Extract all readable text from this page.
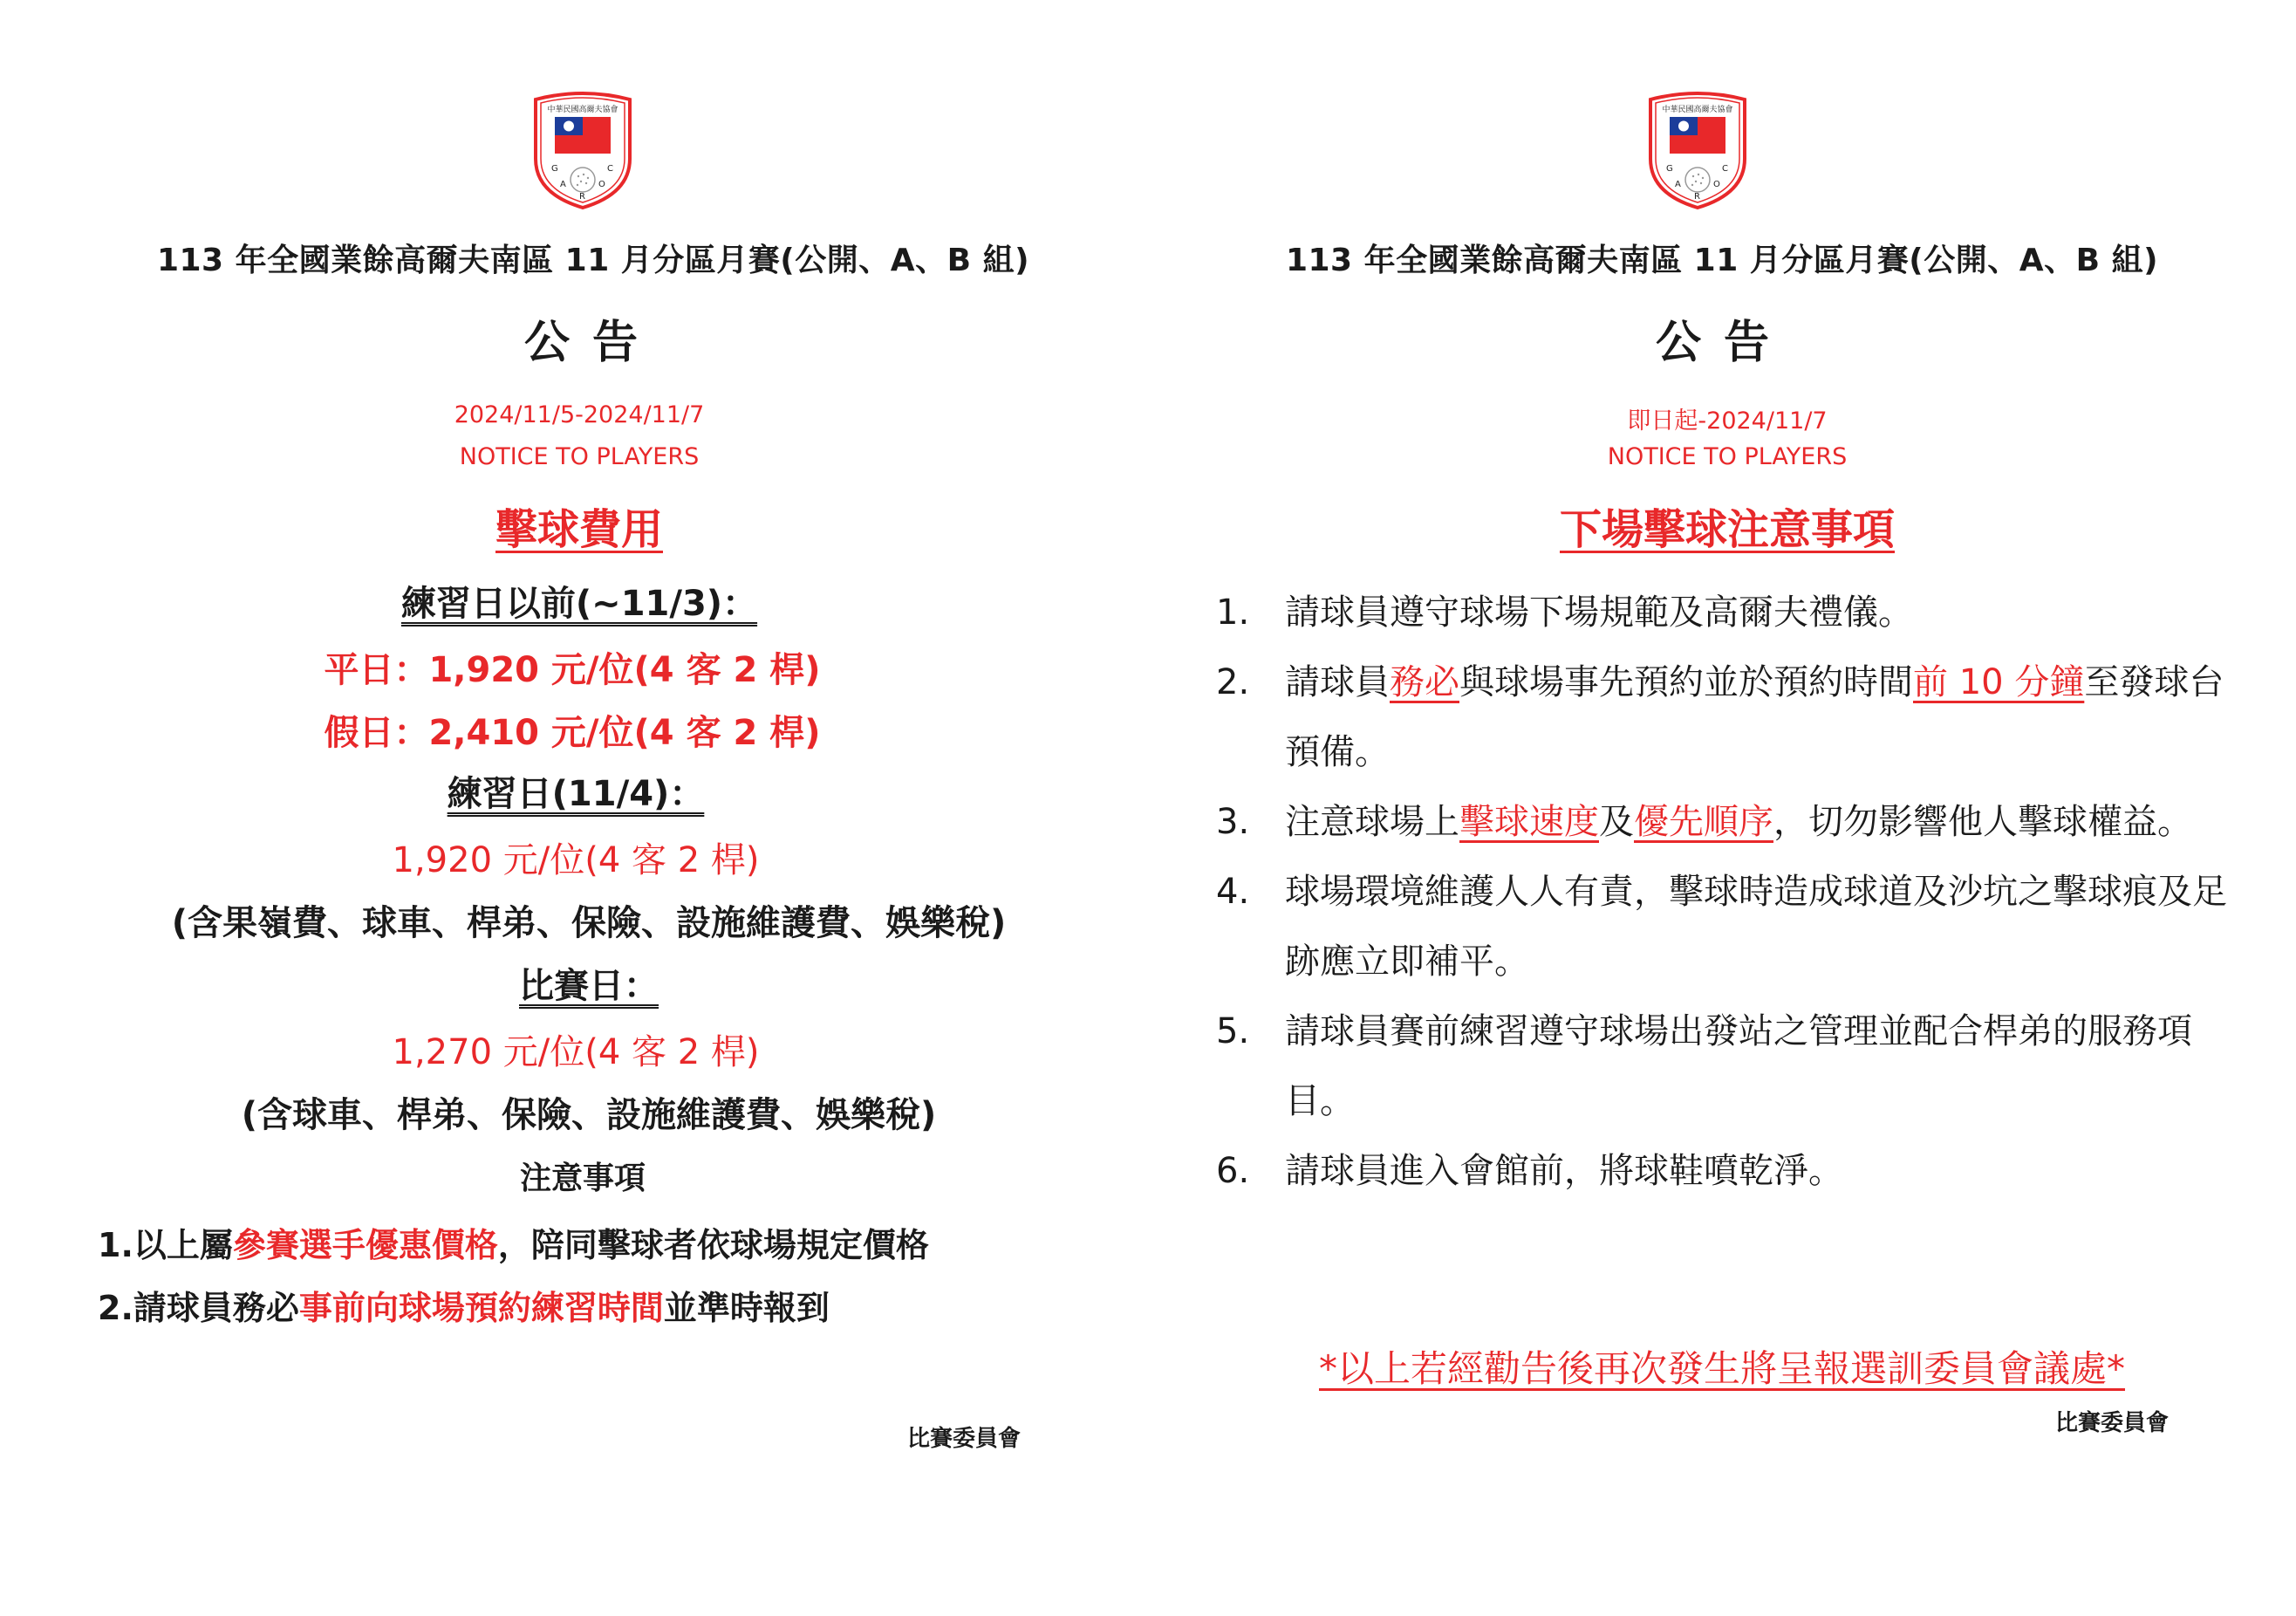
中華民國高爾夫協會
G
A
R
O
C
113 年全國業餘高爾夫南區 11 月分區月賽(公開、A、B 組)
公告
2024/11/5-2024/11/7
NOTICE TO PLAYERS
擊球費用
練習日以前(~11/3)：
平日：1,920 元/位(4 客 2 桿)
假日：2,410 元/位(4 客 2 桿)
練習日(11/4)：
1,920 元/位(4 客 2 桿)
(含果嶺費、球車、桿弟、保險、設施維護費、娛樂稅)
比賽日：
1,270 元/位(4 客 2 桿)
(含球車、桿弟、保險、設施維護費、娛樂稅)
注意事項
1.以上屬參賽選手優惠價格，陪同擊球者依球場規定價格
2.請球員務必事前向球場預約練習時間並準時報到
比賽委員會
中華民國高爾夫協會
G
A
R
O
C
113 年全國業餘高爾夫南區 11 月分區月賽(公開、A、B 組)
公告
即日起-2024/11/7
NOTICE TO PLAYERS
下場擊球注意事項
1. 請球員遵守球場下場規範及高爾夫禮儀。
2. 請球員務必與球場事先預約並於預約時間前 10 分鐘至發球台預備。
3. 注意球場上擊球速度及優先順序，切勿影響他人擊球權益。
4. 球場環境維護人人有責，擊球時造成球道及沙坑之擊球痕及足跡應立即補平。
5. 請球員賽前練習遵守球場出發站之管理並配合桿弟的服務項目。
6. 請球員進入會館前，將球鞋噴乾淨。
*以上若經勸告後再次發生將呈報選訓委員會議處*
比賽委員會
